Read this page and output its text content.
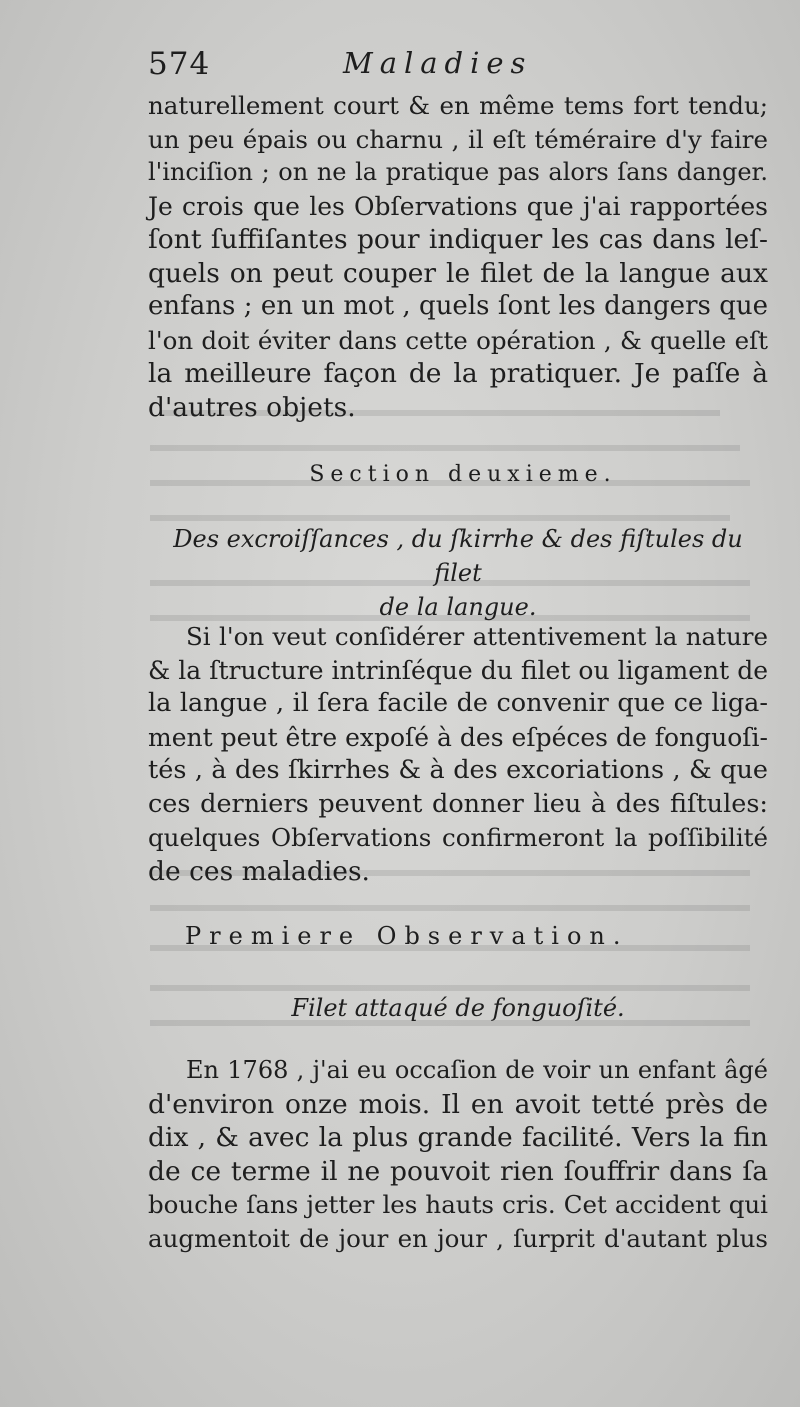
574	Maladies
naturellement court & en même tems fort tendu;
un peu épais ou charnu , il eſt téméraire d'y faire
l'inciſion ; on ne la pratique pas alors ſans danger.
Je crois que les Obſervations que j'ai rapportées
ſont ſuffiſantes pour indiquer les cas dans leſ-
quels on peut couper le filet de la langue aux
enfans ; en un mot , quels ſont les dangers que
l'on doit éviter dans cette opération , & quelle eſt
la meilleure façon de la pratiquer. Je paſſe à
d'autres objets.
Section deuxieme.
Des excroiſſances , du ſkirrhe & des fiſtules du filet
de la langue.
Si l'on veut conſidérer attentivement la nature
& la ſtructure intrinſéque du filet ou ligament de
la langue , il ſera facile de convenir que ce liga-
ment peut être expoſé à des eſpéces de fonguoſi-
tés , à des ſkirrhes & à des excoriations , & que
ces derniers peuvent donner lieu à des fiſtules:
quelques Obſervations confirmeront la poſſibilité
de ces maladies.
Premiere Observation.
Filet attaqué de fonguoſité.
En 1768 , j'ai eu occaſion de voir un enfant âgé
d'environ onze mois. Il en avoit tetté près de
dix , & avec la plus grande facilité. Vers la fin
de ce terme il ne pouvoit rien ſouffrir dans ſa
bouche ſans jetter les hauts cris. Cet accident qui
augmentoit de jour en jour , ſurprit d'autant plus
